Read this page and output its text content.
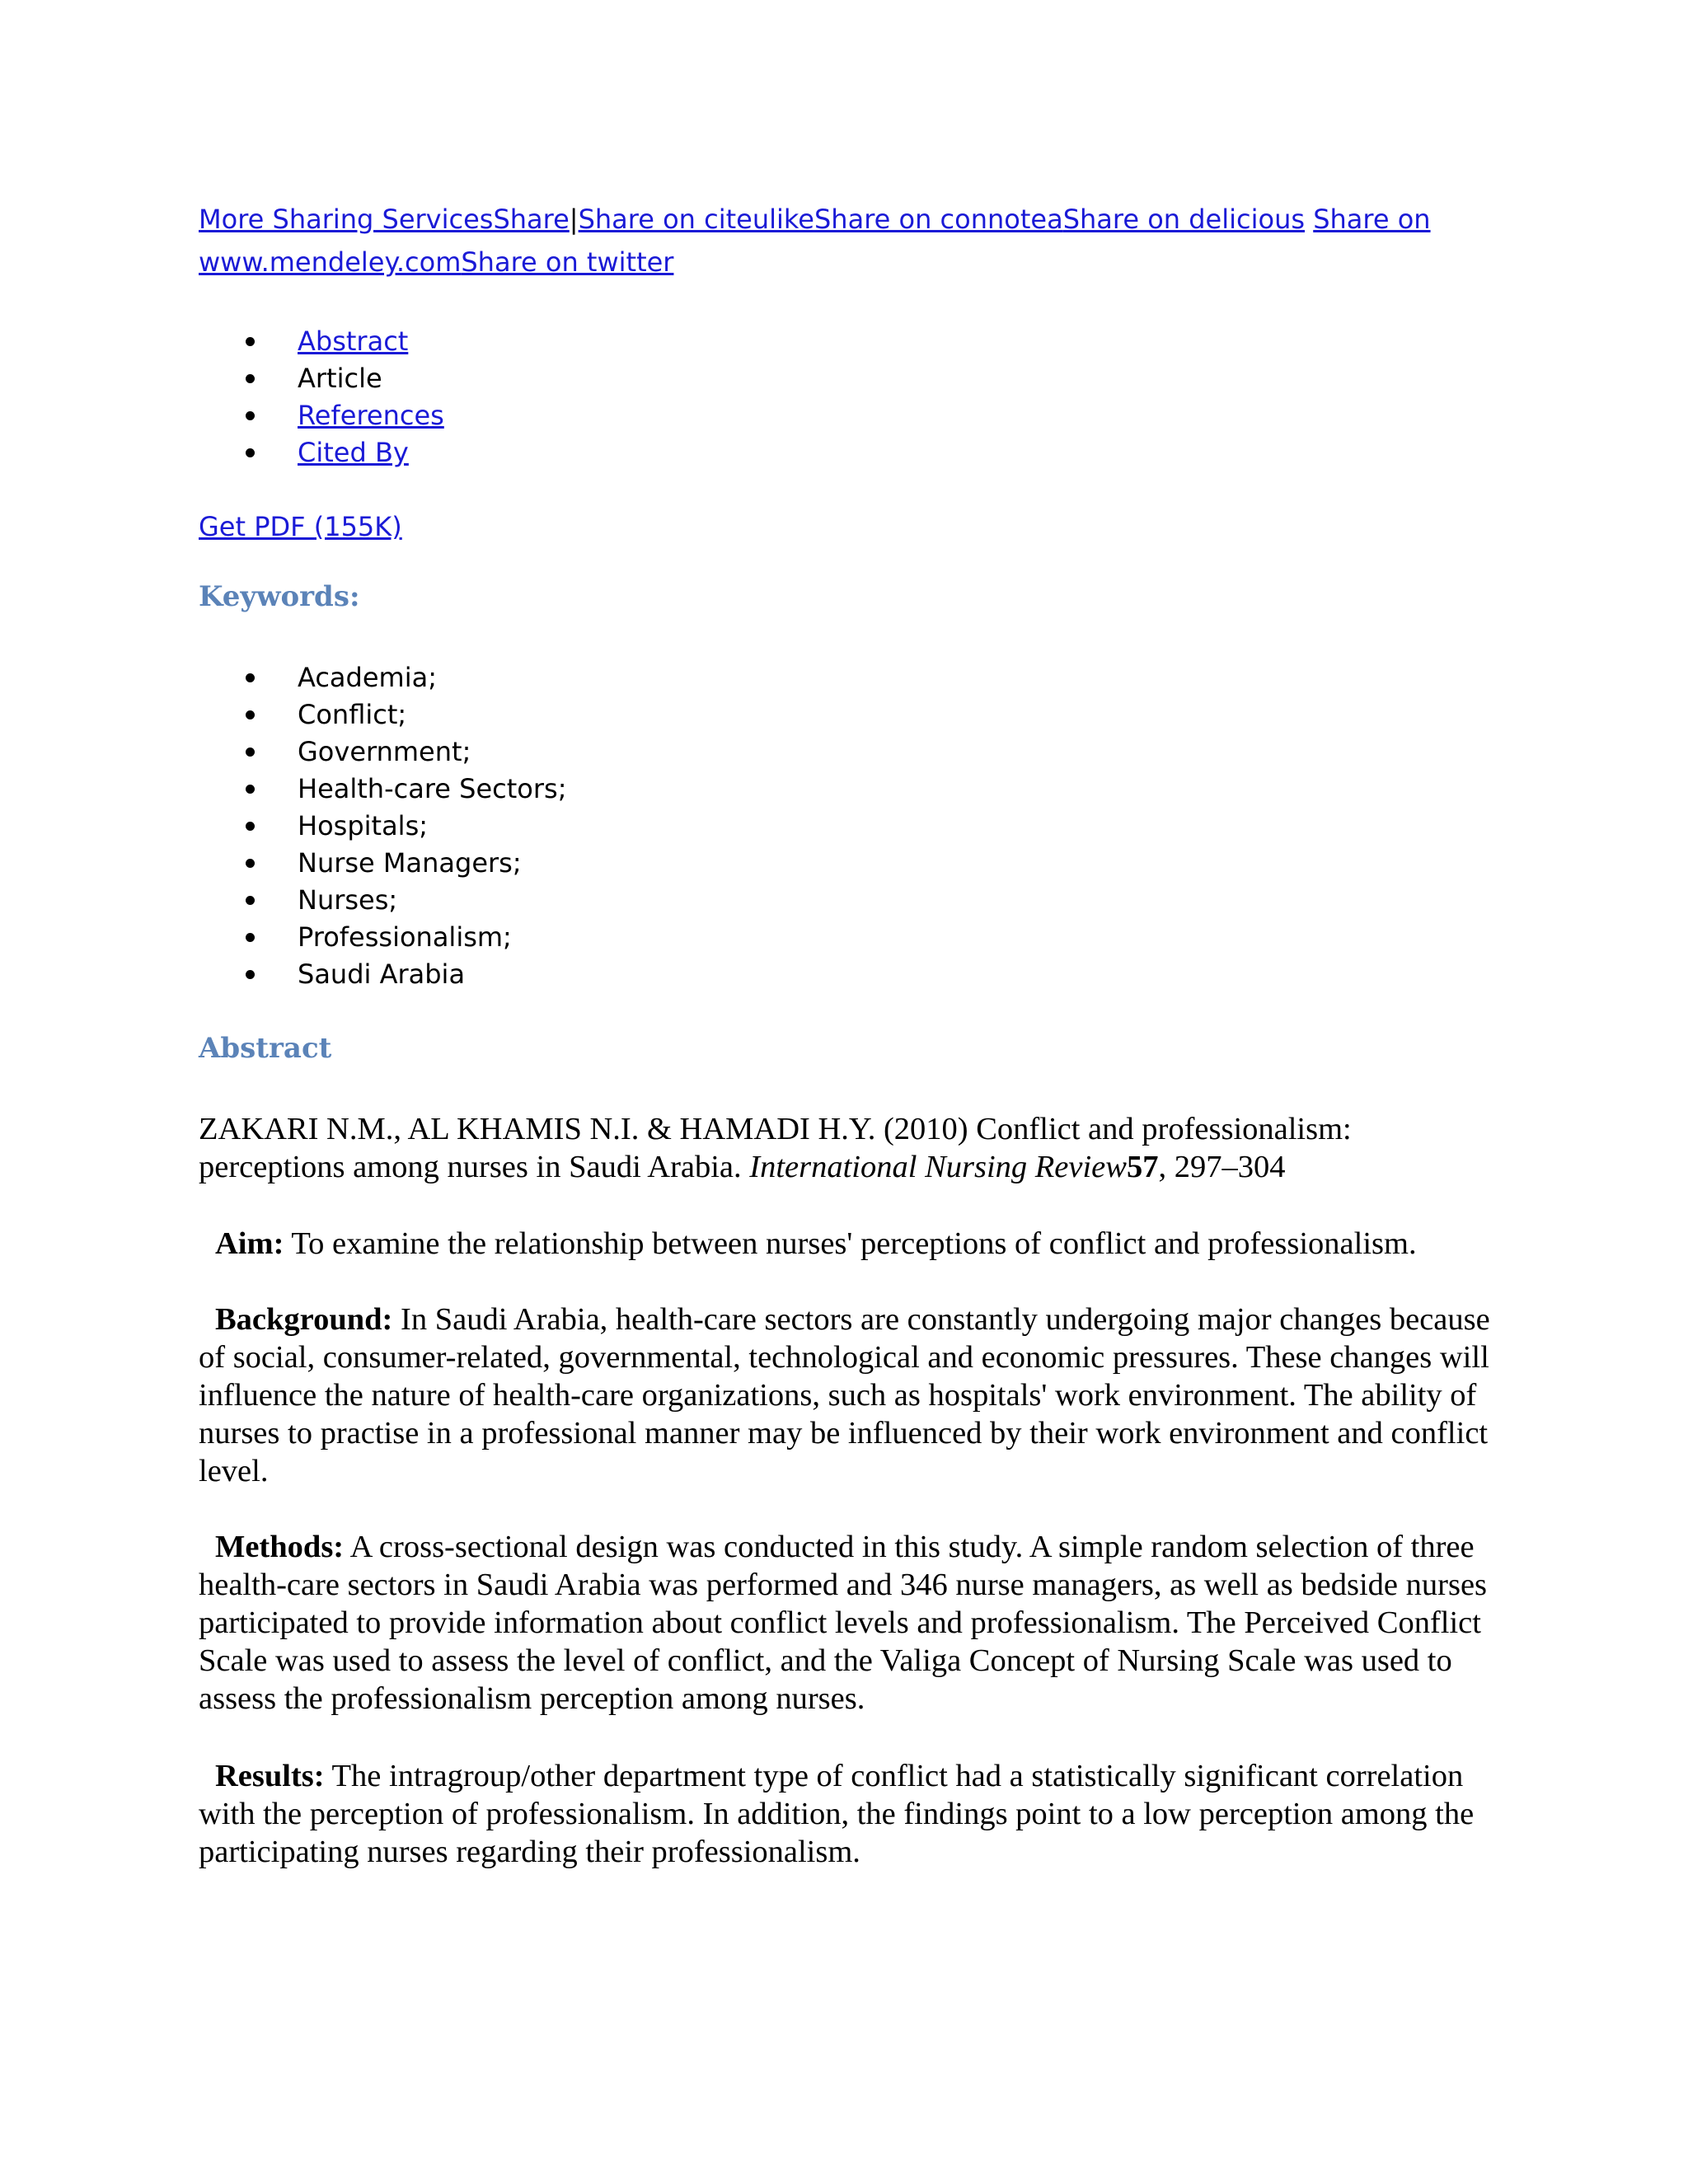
More Sharing ServicesShare|Share on citeulikeShare on connoteaShare on delicious Share on www.mendeley.comShare on twitter
Abstract
Article
References
Cited By
Get PDF (155K)
Keywords:
Academia;
Conflict;
Government;
Health-care Sectors;
Hospitals;
Nurse Managers;
Nurses;
Professionalism;
Saudi Arabia
Abstract
ZAKARI N.M., AL KHAMIS N.I. & HAMADI H.Y. (2010) Conflict and professionalism: perceptions among nurses in Saudi Arabia. International Nursing Review57, 297–304
Aim: To examine the relationship between nurses' perceptions of conflict and professionalism.
Background: In Saudi Arabia, health-care sectors are constantly undergoing major changes because of social, consumer-related, governmental, technological and economic pressures. These changes will influence the nature of health-care organizations, such as hospitals' work environment. The ability of nurses to practise in a professional manner may be influenced by their work environment and conflict level.
Methods: A cross-sectional design was conducted in this study. A simple random selection of three health-care sectors in Saudi Arabia was performed and 346 nurse managers, as well as bedside nurses participated to provide information about conflict levels and professionalism. The Perceived Conflict Scale was used to assess the level of conflict, and the Valiga Concept of Nursing Scale was used to assess the professionalism perception among nurses.
Results: The intragroup/other department type of conflict had a statistically significant correlation with the perception of professionalism. In addition, the findings point to a low perception among the participating nurses regarding their professionalism.
